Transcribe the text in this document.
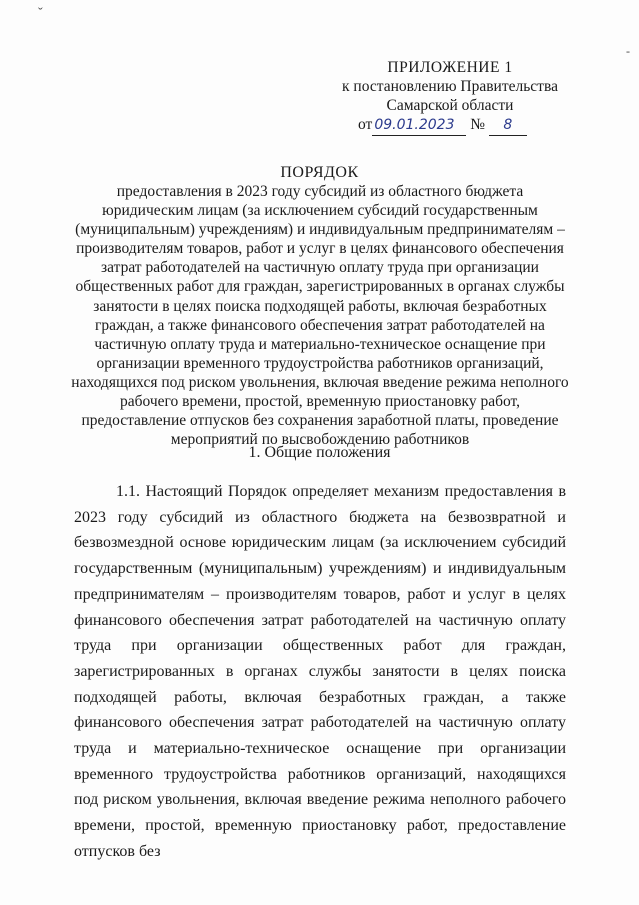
ˇ
-
ПРИЛОЖЕНИЕ 1
к постановлению Правительства
Самарской области
от 09.01.2023 № 8
ПОРЯДОК
предоставления в 2023 году субсидий из областного бюджета юридическим лицам (за исключением субсидий государственным (муниципальным) учреждениям) и индивидуальным предпринимателям – производителям товаров, работ и услуг в целях финансового обеспечения затрат работодателей на частичную оплату труда при организации общественных работ для граждан, зарегистрированных в органах службы занятости в целях поиска подходящей работы, включая безработных граждан, а также финансового обеспечения затрат работодателей на частичную оплату труда и материально-техническое оснащение при организации временного трудоустройства работников организаций, находящихся под риском увольнения, включая введение режима неполного рабочего времени, простой, временную приостановку работ, предоставление отпусков без сохранения заработной платы, проведение мероприятий по высвобождению работников
1. Общие положения

1.1. Настоящий Порядок определяет механизм предоставления в 2023 году субсидий из областного бюджета на безвозвратной и безвозмездной основе юридическим лицам (за исключением субсидий государственным (муниципальным) учреждениям) и индивидуальным предпринимателям – производителям товаров, работ и услуг в целях финансового обеспечения затрат работодателей на частичную оплату труда при организации общественных работ для граждан, зарегистрированных в органах службы занятости в целях поиска подходящей работы, включая безработных граждан, а также финансового обеспечения затрат работодателей на частичную оплату труда и материально-техническое оснащение при организации временного трудоустройства работников организаций, находящихся под риском увольнения, включая введение режима неполного рабочего времени, простой, временную приостановку работ, предоставление отпусков без
